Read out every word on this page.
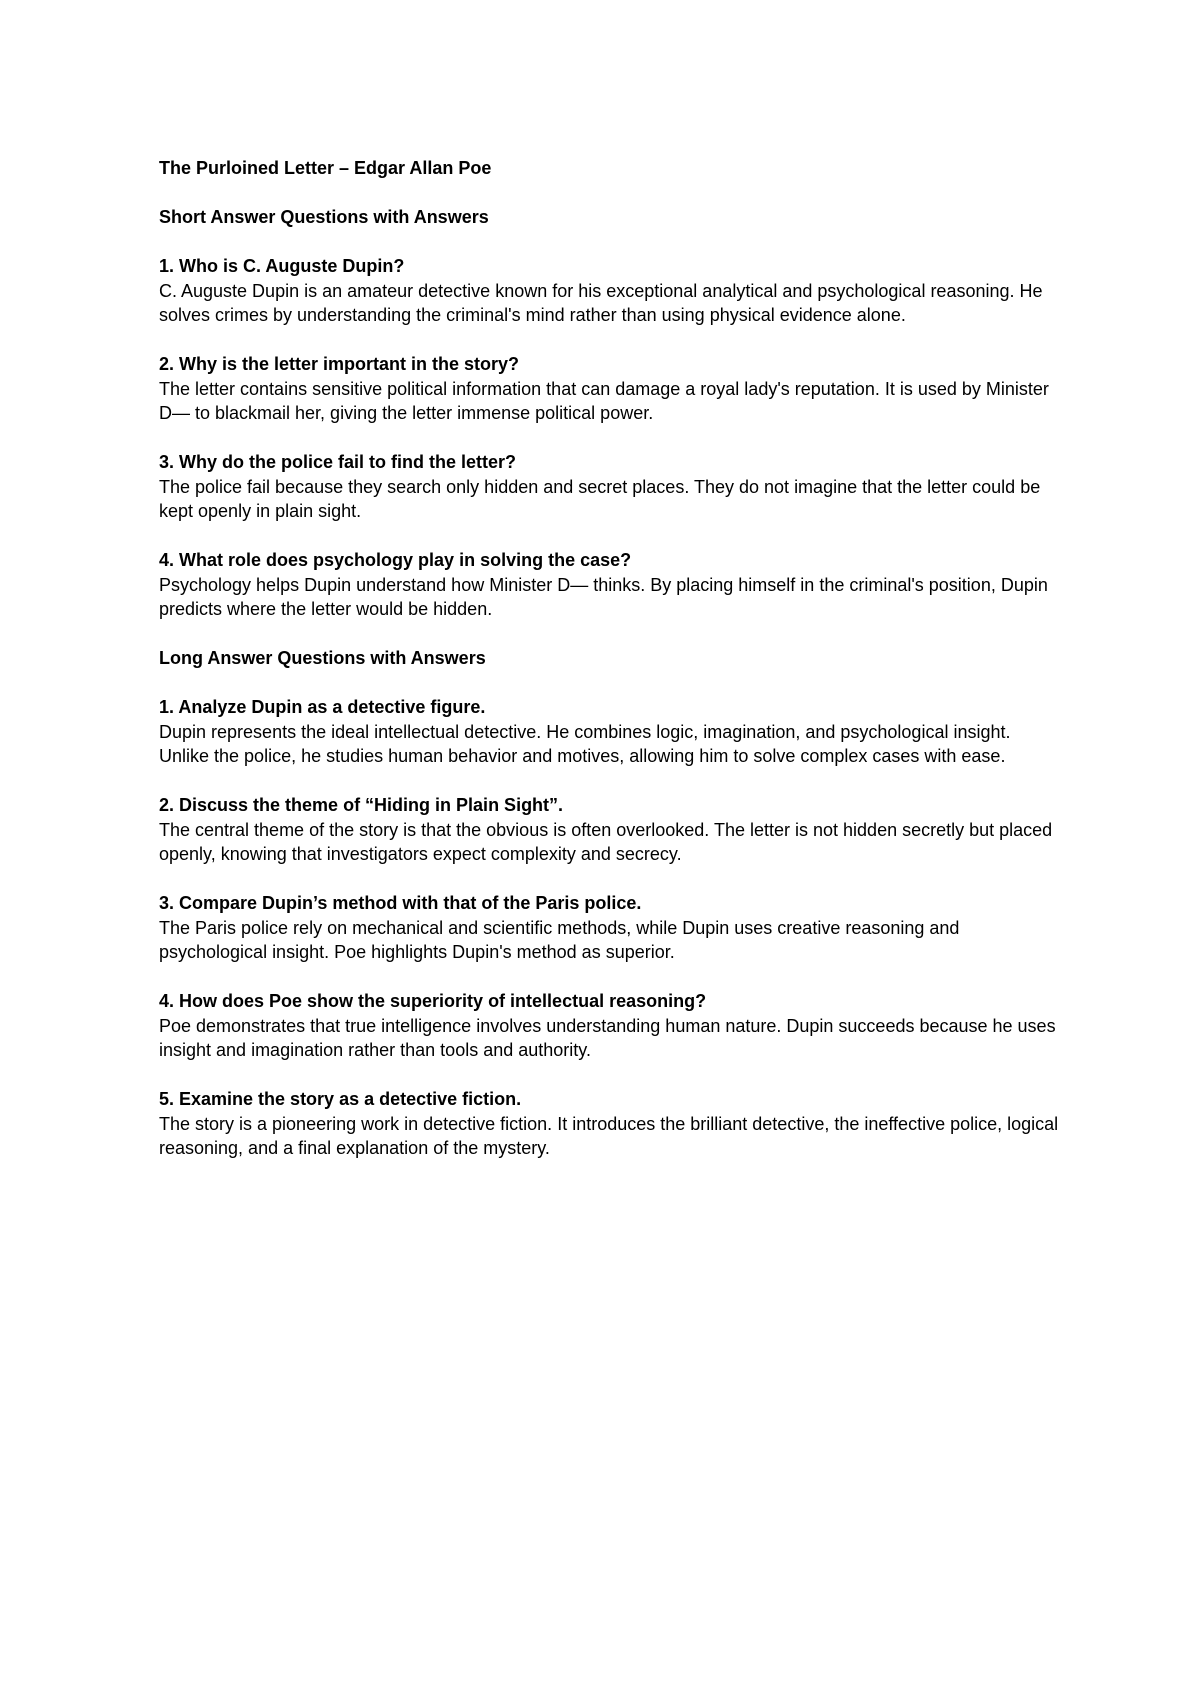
The Purloined Letter – Edgar Allan Poe

Short Answer Questions with Answers

1. Who is C. Auguste Dupin?

C. Auguste Dupin is an amateur detective known for his exceptional analytical and psychological reasoning. He solves crimes by understanding the criminal's mind rather than using physical evidence alone.

2. Why is the letter important in the story?

The letter contains sensitive political information that can damage a royal lady's reputation. It is used by Minister D— to blackmail her, giving the letter immense political power.

3. Why do the police fail to find the letter?

The police fail because they search only hidden and secret places. They do not imagine that the letter could be kept openly in plain sight.

4. What role does psychology play in solving the case?

Psychology helps Dupin understand how Minister D— thinks. By placing himself in the criminal's position, Dupin predicts where the letter would be hidden.

Long Answer Questions with Answers

1. Analyze Dupin as a detective figure.

Dupin represents the ideal intellectual detective. He combines logic, imagination, and psychological insight. Unlike the police, he studies human behavior and motives, allowing him to solve complex cases with ease.

2. Discuss the theme of “Hiding in Plain Sight”.

The central theme of the story is that the obvious is often overlooked. The letter is not hidden secretly but placed openly, knowing that investigators expect complexity and secrecy.

3. Compare Dupin’s method with that of the Paris police.

The Paris police rely on mechanical and scientific methods, while Dupin uses creative reasoning and psychological insight. Poe highlights Dupin's method as superior.

4. How does Poe show the superiority of intellectual reasoning?

Poe demonstrates that true intelligence involves understanding human nature. Dupin succeeds because he uses insight and imagination rather than tools and authority.

5. Examine the story as a detective fiction.

The story is a pioneering work in detective fiction. It introduces the brilliant detective, the ineffective police, logical reasoning, and a final explanation of the mystery.
